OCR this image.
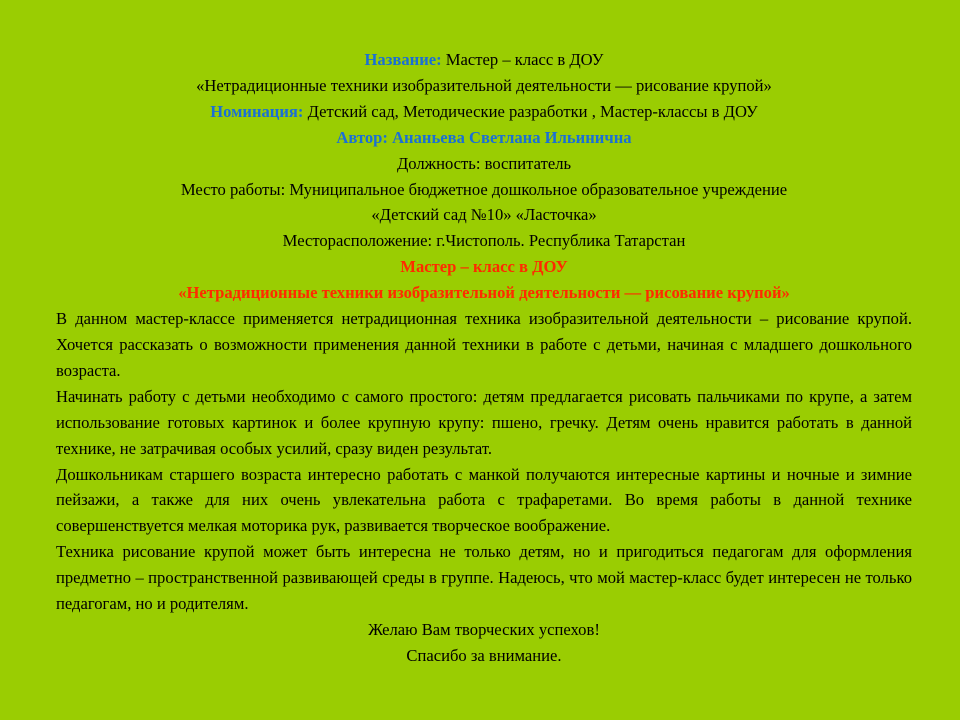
Название: Мастер – класс в ДОУ

«Нетрадиционные техники изобразительной деятельности — рисование крупой»

Номинация: Детский сад, Методические разработки , Мастер-классы в ДОУ

Автор: Ананьева Светлана Ильинична

Должность: воспитатель

Место работы: Муниципальное бюджетное дошкольное образовательное учреждение

«Детский сад №10» «Ласточка»

Месторасположение: г.Чистополь. Республика Татарстан

Мастер – класс в ДОУ

«Нетрадиционные техники изобразительной деятельности — рисование крупой»

В данном мастер-классе применяется нетрадиционная техника изобразительной деятельности – рисование крупой. Хочется рассказать о возможности применения данной техники в работе с детьми, начиная с младшего дошкольного возраста.

Начинать работу с детьми необходимо с самого простого: детям предлагается рисовать пальчиками по крупе, а затем использование готовых картинок и более крупную крупу: пшено, гречку. Детям очень нравится работать в данной технике, не затрачивая особых усилий, сразу виден результат.

Дошкольникам старшего возраста интересно работать с манкой получаются интересные картины и ночные и зимние пейзажи, а также для них очень увлекательна работа с трафаретами. Во время работы в данной технике совершенствуется мелкая моторика рук, развивается творческое воображение.

Техника рисование крупой может быть интересна не только детям, но и пригодиться педагогам для оформления предметно – пространственной развивающей среды в группе. Надеюсь, что мой мастер-класс будет интересен не только педагогам, но и родителям.

Желаю Вам творческих успехов!

Спасибо за внимание.
